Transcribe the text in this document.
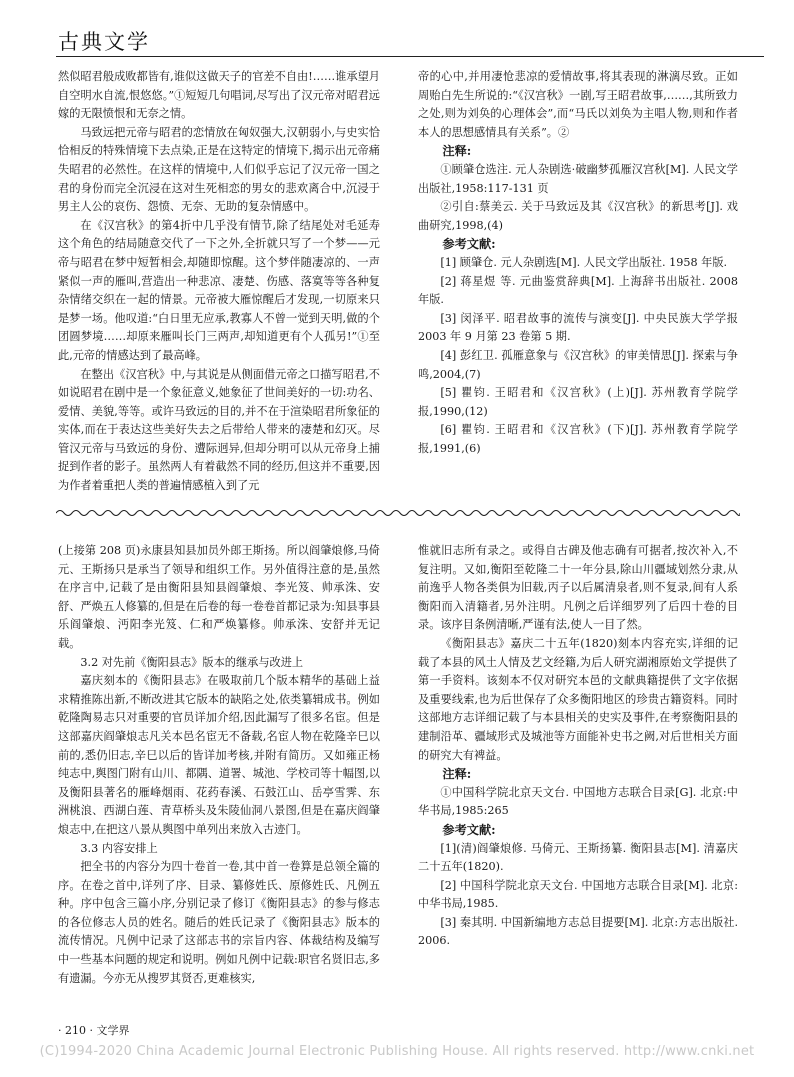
古典文学

然似昭君般成败都皆有,谁似这做天子的官差不自由!……谁承望月自空明水自流,恨悠悠。”①短短几句唱词,尽写出了汉元帝对昭君远嫁的无限愤恨和无奈之情。

马致远把元帝与昭君的恋情放在匈奴强大,汉朝弱小,与史实恰恰相反的特殊情境下去点染,正是在这特定的情境下,揭示出元帝痛失昭君的必然性。在这样的情境中,人们似乎忘记了汉元帝一国之君的身份而完全沉浸在这对生死相恋的男女的悲欢离合中,沉浸于男主人公的哀伤、怨愤、无奈、无助的复杂情感中。

在《汉宫秋》的第4折中几乎没有情节,除了结尾处对毛延寿这个角色的结局随意交代了一下之外,全折就只写了一个梦——元帝与昭君在梦中短暂相会,却随即惊醒。这个梦伴随凄凉的、一声紧似一声的雁叫,营造出一种悲凉、凄楚、伤感、落寞等等各种复杂情绪交织在一起的情景。元帝被大雁惊醒后才发现,一切原来只是梦一场。他叹道:“白日里无应承,教寡人不曾一觉到天明,做的个团圆梦境……却原来雁叫长门三两声,却知道更有个人孤另!”①至此,元帝的情感达到了最高峰。

在整出《汉宫秋》中,与其说是从侧面借元帝之口描写昭君,不如说昭君在剧中是一个象征意义,她象征了世间美好的一切:功名、爱情、美貌,等等。或许马致远的目的,并不在于渲染昭君所象征的实体,而在于表达这些美好失去之后带给人带来的凄楚和幻灭。尽管汉元帝与马致远的身份、遭际迥异,但却分明可以从元帝身上捕捉到作者的影子。虽然两人有着截然不同的经历,但这并不重要,因为作者着重把人类的普遍情感植入到了元

帝的心中,并用凄怆悲凉的爱情故事,将其表现的淋漓尽致。正如周贻白先生所说的:“《汉宫秋》一剧,写王昭君故事,……,其所致力之处,则为刘奂的心理体会”,而“马氏以刘奂为主唱人物,则和作者本人的思想感情具有关系”。②

注释:

①顾肇仓选注. 元人杂剧选·破幽梦孤雁汉宫秋[M]. 人民文学出版社,1958:117-131 页

②引自:蔡美云. 关于马致远及其《汉宫秋》的新思考[J]. 戏曲研究,1998,(4)

参考文献:

[1] 顾肇仓. 元人杂剧选[M]. 人民文学出版社. 1958 年版.

[2] 蒋星煜 等. 元曲鉴赏辞典[M]. 上海辞书出版社. 2008 年版.

[3] 闵泽平. 昭君故事的流传与演变[J]. 中央民族大学学报 2003 年 9 月第 23 卷第 5 期.

[4] 彭红卫. 孤雁意象与《汉宫秋》的审美情思[J]. 探索与争鸣,2004,(7)

[5] 瞿钧. 王昭君和《汉宫秋》(上)[J]. 苏州教育学院学报,1990,(12)

[6] 瞿钧. 王昭君和《汉宫秋》(下)[J]. 苏州教育学院学报,1991,(6)

(上接第 208 页)永康县知县加员外郎王斯扬。所以阎肇烺修,马倚元、王斯扬只是承当了领导和组织工作。另外值得注意的是,虽然在序言中,记载了是由衡阳县知县阎肇烺、李光笈、帅承洙、安舒、严焕五人修纂的,但是在后卷的每一卷卷首都记录为:知县事县乐阎肇烺、沔阳李光笈、仁和严焕纂修。帅承洙、安舒并无记载。

3.2 对先前《衡阳县志》版本的继承与改进上

嘉庆刻本的《衡阳县志》在吸取前几个版本精华的基础上益求精推陈出新,不断改进其它版本的缺陷之处,依类纂辑成书。例如乾隆陶易志只对重要的官员详加介绍,因此漏写了很多名宦。但是这部嘉庆阎肇烺志凡关本邑名宦无不备载,名宦人物在乾隆辛巳以前的,悉仍旧志,辛巳以后的皆详加考核,并附有简历。又如雍正杨纯志中,舆图门附有山川、都隅、道署、城池、学校司等十幅图,以及衡阳县著名的雁峰烟雨、花药春溪、石鼓江山、岳亭雪霁、东洲桃浪、西湖白莲、青草桥头及朱陵仙洞八景图,但是在嘉庆阎肇烺志中,在把这八景从舆图中单列出来放入古迹门。

3.3 内容安排上

把全书的内容分为四十卷首一卷,其中首一卷算是总领全篇的序。在卷之首中,详列了序、目录、纂修姓氏、原修姓氏、凡例五种。序中包含三篇小序,分别记录了修订《衡阳县志》的参与修志的各位修志人员的姓名。随后的姓氏记录了《衡阳县志》版本的流传情况。凡例中记录了这部志书的宗旨内容、体裁结构及编写中一些基本问题的规定和说明。例如凡例中记载:职官名贤旧志,多有遗漏。今亦无从搜罗其贤否,更难核实,

惟就旧志所有录之。或得自古碑及他志确有可据者,按次补入,不复注明。又如,衡阳至乾隆二十一年分县,除山川疆域划然分隶,从前逸乎人物各类俱为旧载,丙子以后属清泉者,则不复录,间有人系衡阳而入清籍者,另外注明。凡例之后详细罗列了后四十卷的目录。该序目条例清晰,严谨有法,使人一目了然。

《衡阳县志》嘉庆二十五年(1820)刻本内容充实,详细的记载了本县的风土人情及艺文经籍,为后人研究湖湘原始文学提供了第一手资料。该刻本不仅对研究本邑的文献典籍提供了文字依据及重要线索,也为后世保存了众多衡阳地区的珍贵古籍资料。同时这部地方志详细记载了与本县相关的史实及事件,在考察衡阳县的建制沿革、疆域形式及城池等方面能补史书之阙,对后世相关方面的研究大有裨益。

注释:

①中国科学院北京天文台. 中国地方志联合目录[G]. 北京:中华书局,1985:265

参考文献:

[1](清)阎肇烺修. 马倚元、王斯扬纂. 衡阳县志[M]. 清嘉庆二十五年(1820).

[2] 中国科学院北京天文台. 中国地方志联合目录[M]. 北京:中华书局,1985.

[3] 秦其明. 中国新编地方志总目提要[M]. 北京:方志出版社. 2006.

· 210 · 文学界
(C)1994-2020 China Academic Journal Electronic Publishing House. All rights reserved. http://www.cnki.net
